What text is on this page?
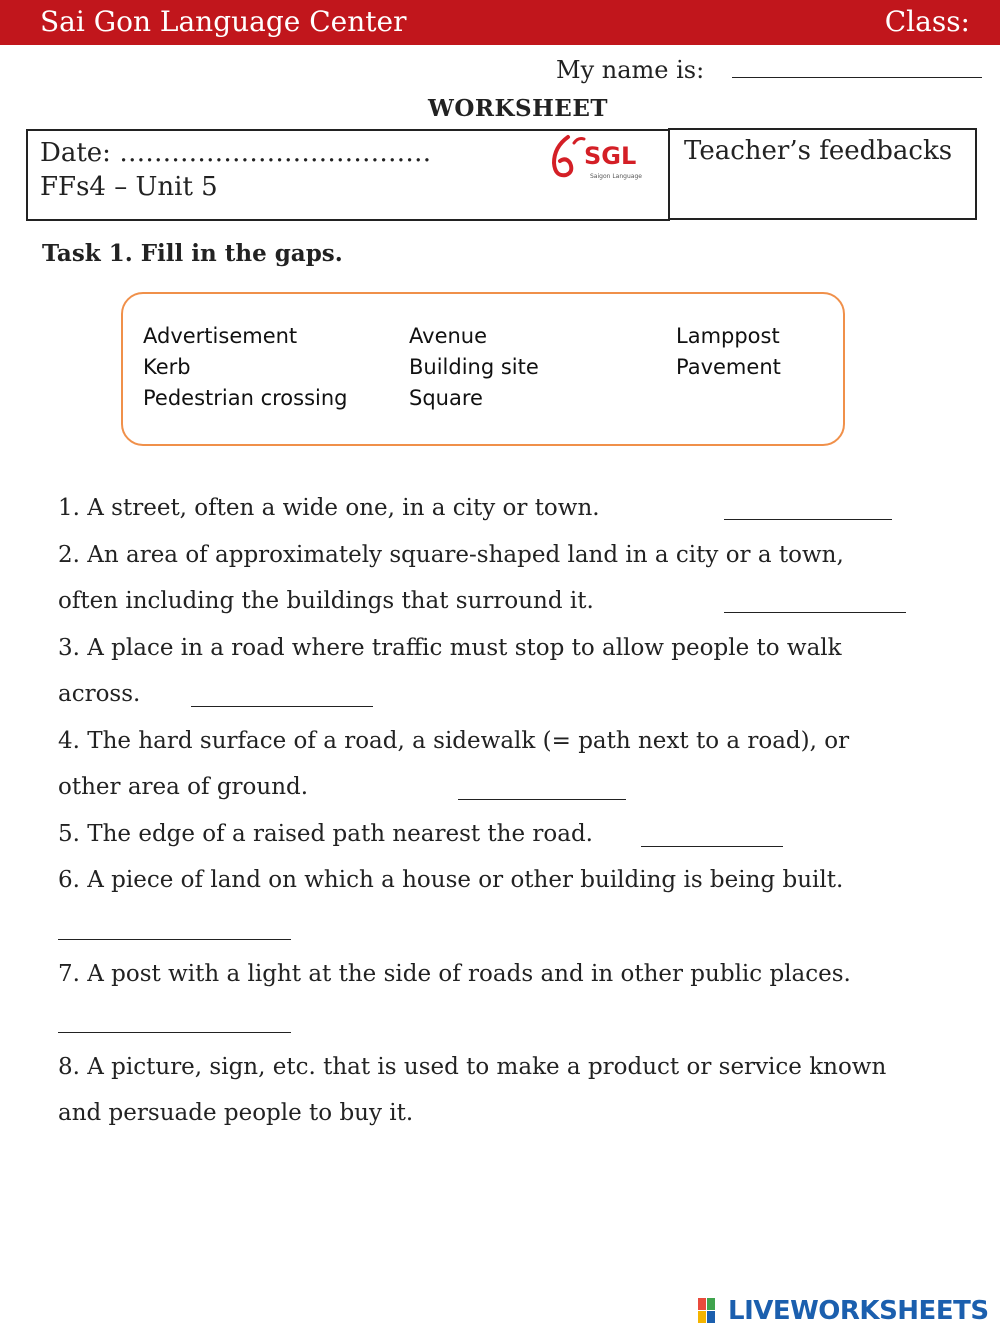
Sai Gon Language Center	Class:
My name is:
WORKSHEET
Date: ………………………………
FFs4 – Unit 5
Teacher’s feedbacks
SGL
Saigon Language
Task 1. Fill in the gaps.
Advertisement	Avenue	Lamppost
Kerb	Building site	Pavement
Pedestrian crossing	Square
1. A street, often a wide one, in a city or town.
2. An area of approximately square-shaped land in a city or a town,
often including the buildings that surround it.
3. A place in a road where traffic must stop to allow people to walk
across.
4. The hard surface of a road, a sidewalk (= path next to a road), or
other area of ground.
5. The edge of a raised path nearest the road.
6. A piece of land on which a house or other building is being built.
7. A post with a light at the side of roads and in other public places.
8. A picture, sign, etc. that is used to make a product or service known
and persuade people to buy it.
LIVEWORKSHEETS
